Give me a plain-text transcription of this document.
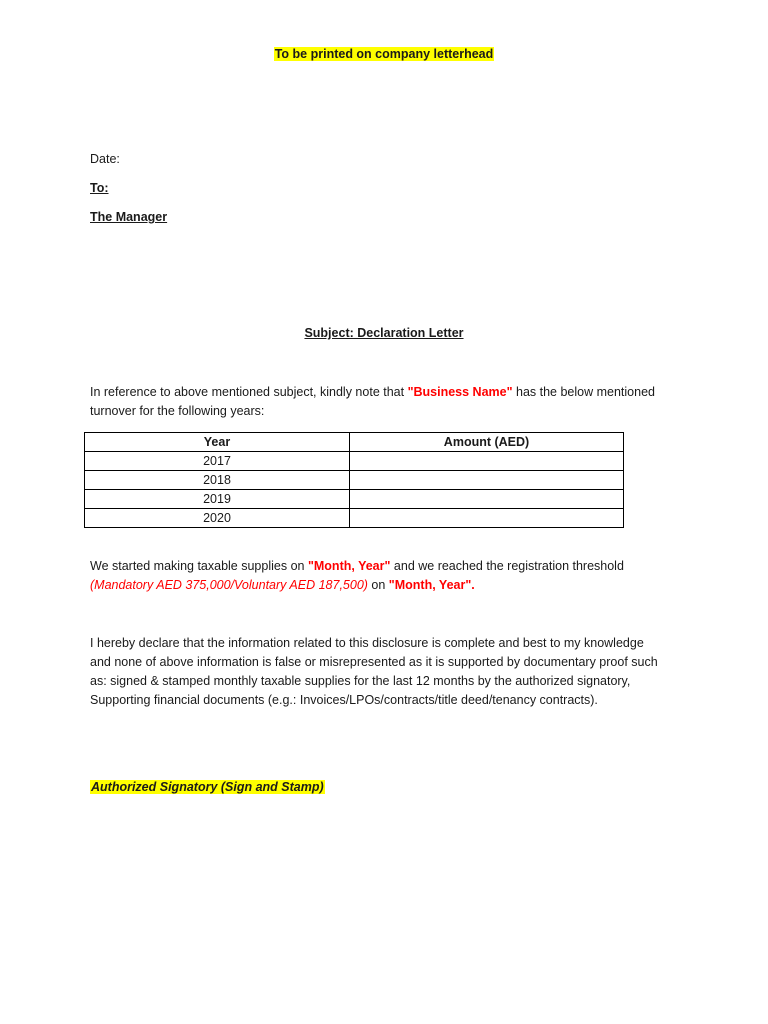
To be printed on company letterhead
Date:
To:
The Manager
Subject: Declaration Letter
In reference to above mentioned subject, kindly note that "Business Name" has the below mentioned
turnover for the following years:
Year	Amount (AED)
2017	
2018	
2019	
2020	
We started making taxable supplies on "Month, Year" and we reached the registration threshold
(Mandatory AED 375,000/Voluntary AED 187,500) on "Month, Year".
I hereby declare that the information related to this disclosure is complete and best to my knowledge
and none of above information is false or misrepresented as it is supported by documentary proof such
as: signed & stamped monthly taxable supplies for the last 12 months by the authorized signatory,
Supporting financial documents (e.g.: Invoices/LPOs/contracts/title deed/tenancy contracts).
Authorized Signatory (Sign and Stamp)
